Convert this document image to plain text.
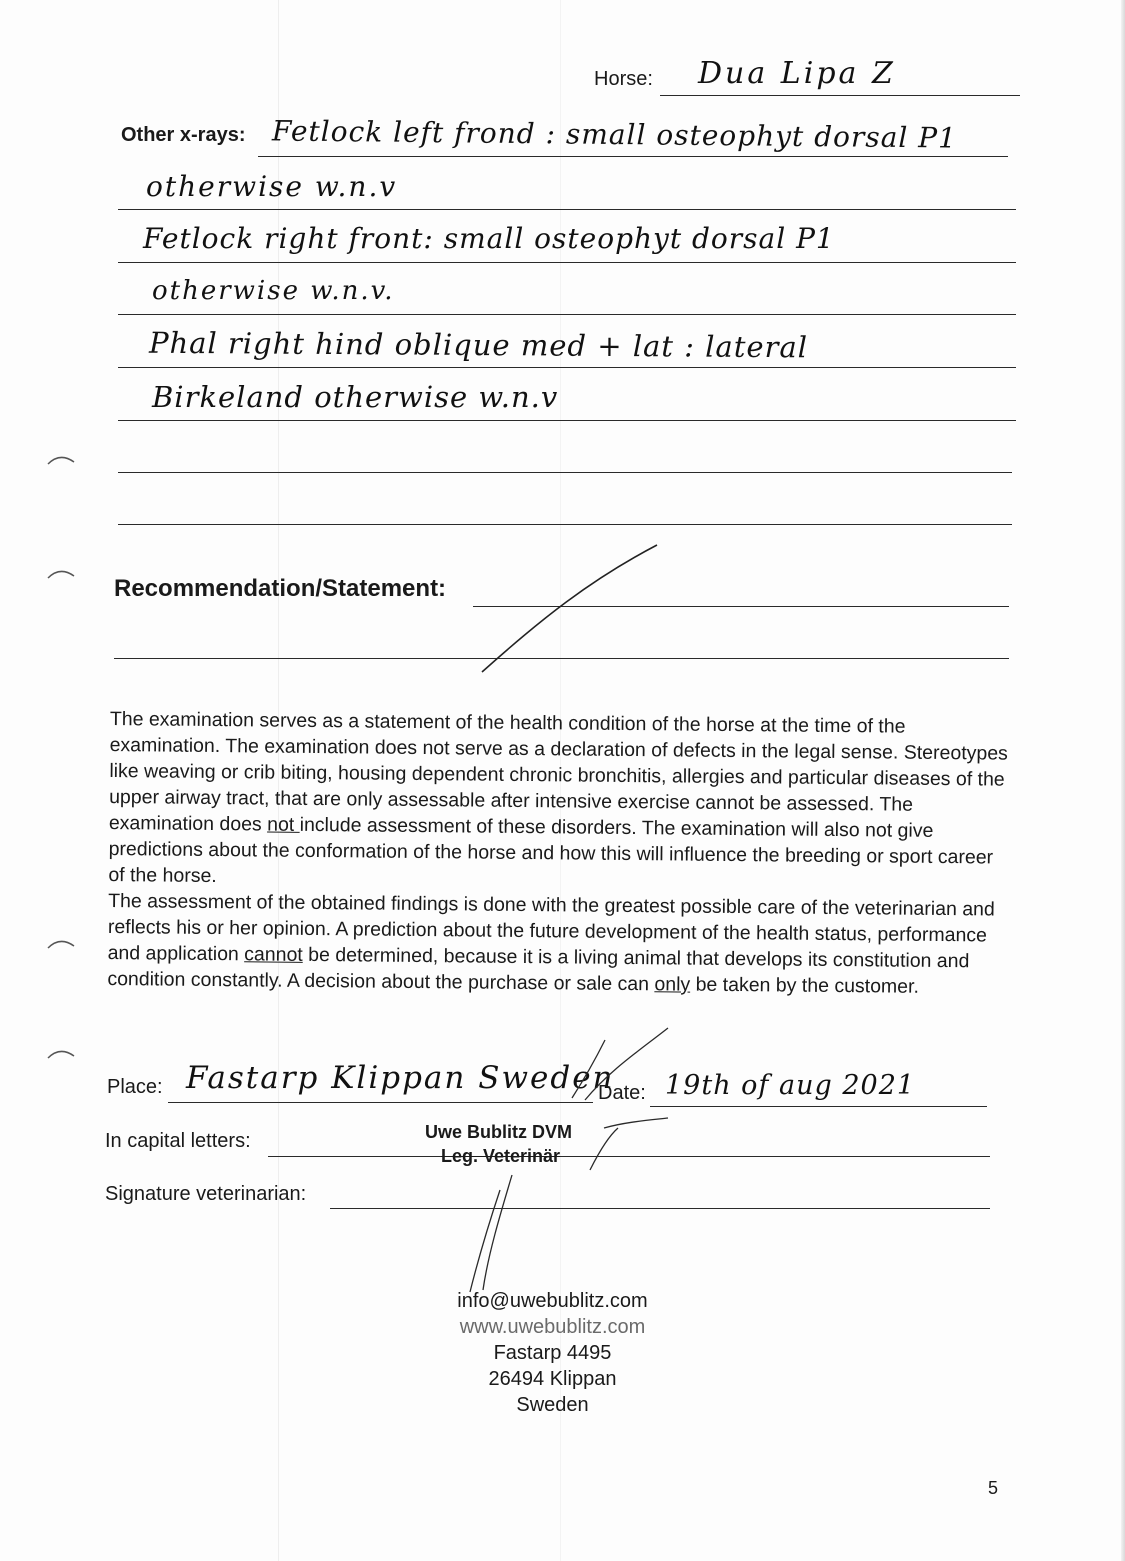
Horse: Dua Lipa Z
Other x-rays: Fetlock left frond : small osteophyt dorsal P1
otherwise w.n.v
Fetlock right front: small osteophyt dorsal P1
otherwise w.n.v.
Phal right hind oblique med + lat : lateral
Birkeland otherwise w.n.v
Recommendation/Statement:

The examination serves as a statement of the health condition of the horse at the time of the examination. The examination does not serve as a declaration of defects in the legal sense. Stereotypes like weaving or crib biting, housing dependent chronic bronchitis, allergies and particular diseases of the upper airway tract, that are only assessable after intensive exercise cannot be assessed. The examination does not include assessment of these disorders. The examination will also not give predictions about the conformation of the horse and how this will influence the breeding or sport career of the horse.

The assessment of the obtained findings is done with the greatest possible care of the veterinarian and reflects his or her opinion. A prediction about the future development of the health status, performance and application cannot be determined, because it is a living animal that develops its constitution and condition constantly. A decision about the purchase or sale can only be taken by the customer.

Place: Fastarp Klippan Sweden
Date: 19th of aug 2021
In capital letters:
Signature veterinarian:
Uwe Bublitz DVM
Leg. Veterinär
info@uwebublitz.com
www.uwebublitz.com
Fastarp 4495
26494 Klippan
Sweden
5
